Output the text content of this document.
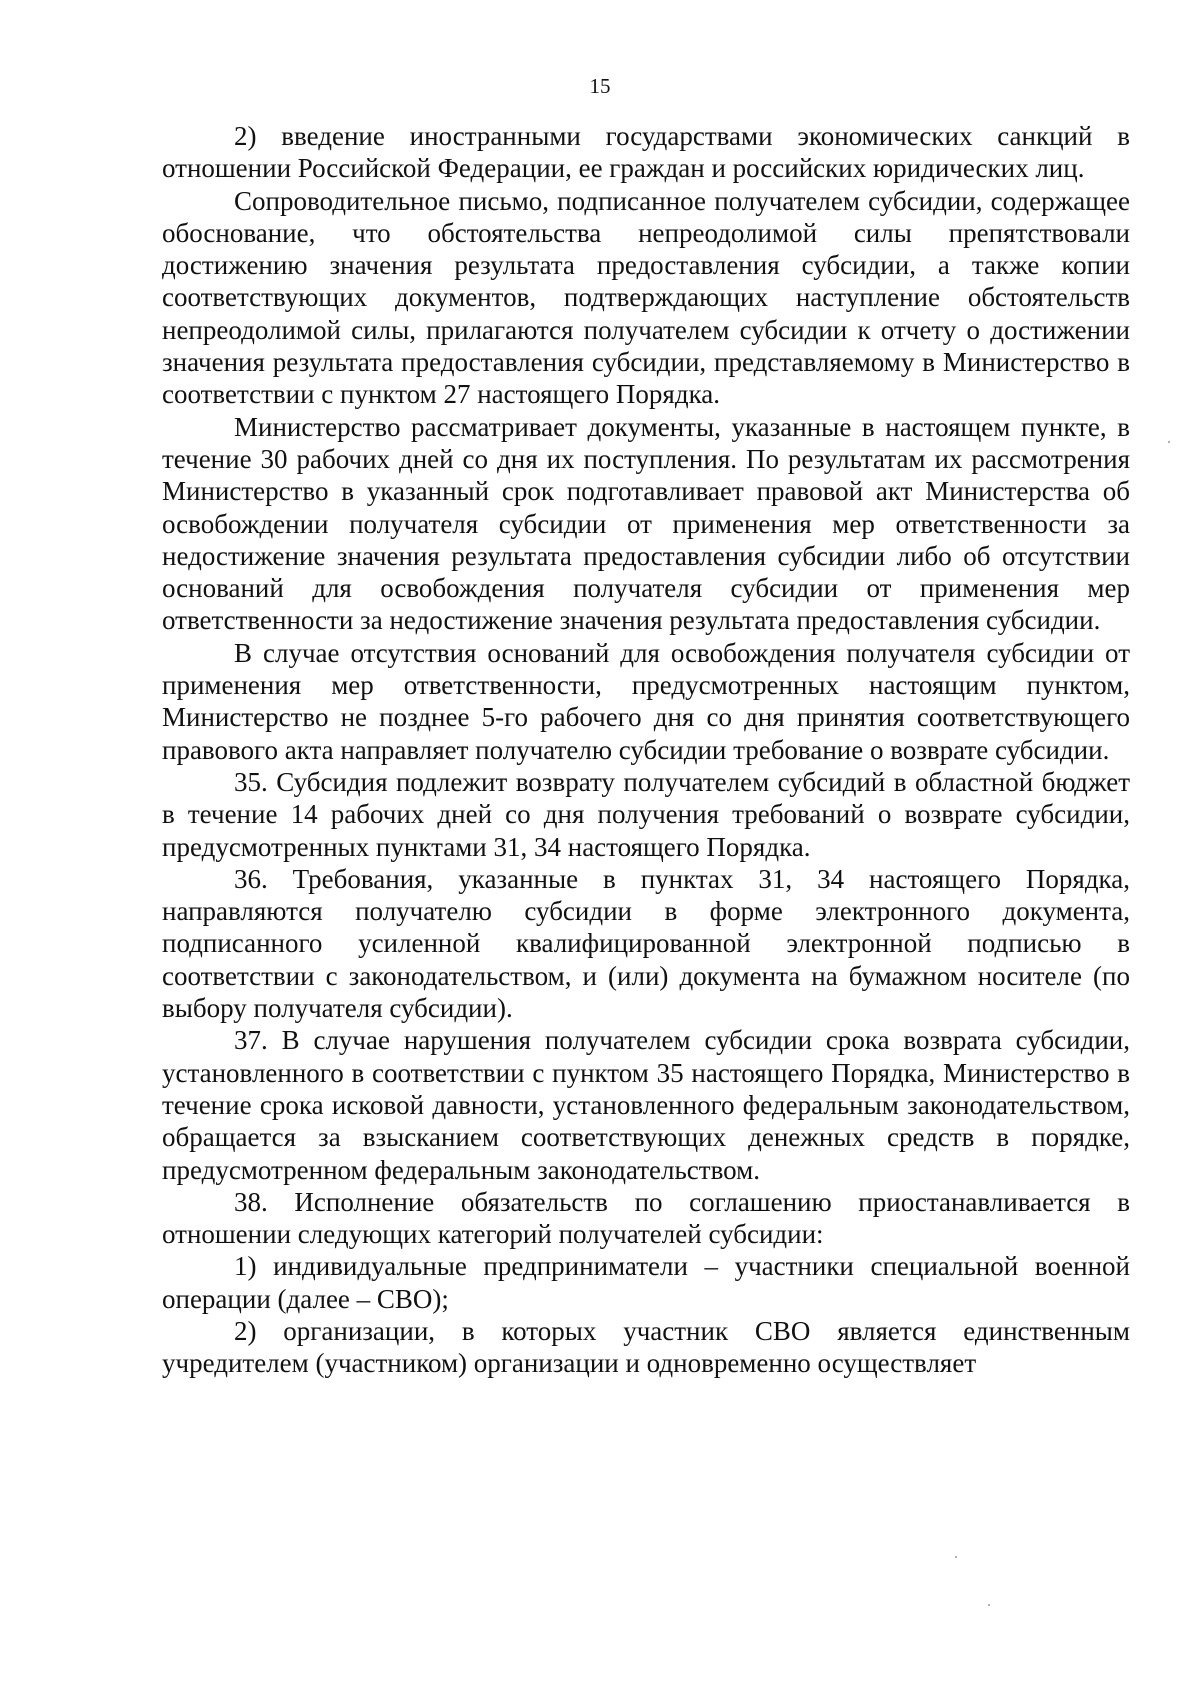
15

2) введение иностранными государствами экономических санкций в отношении Российской Федерации, ее граждан и российских юридических лиц.

Сопроводительное письмо, подписанное получателем субсидии, содержащее обоснование, что обстоятельства непреодолимой силы препятствовали достижению значения результата предоставления субсидии, а также копии соответствующих документов, подтверждающих наступление обстоятельств непреодолимой силы, прилагаются получателем субсидии к отчету о достижении значения результата предоставления субсидии, представляемому в Министерство в соответствии с пунктом 27 настоящего Порядка.

Министерство рассматривает документы, указанные в настоящем пункте, в течение 30 рабочих дней со дня их поступления. По результатам их рассмотрения Министерство в указанный срок подготавливает правовой акт Министерства об освобождении получателя субсидии от применения мер ответственности за недостижение значения результата предоставления субсидии либо об отсутствии оснований для освобождения получателя субсидии от применения мер ответственности за недостижение значения результата предоставления субсидии.

В случае отсутствия оснований для освобождения получателя субсидии от применения мер ответственности, предусмотренных настоящим пунктом, Министерство не позднее 5-го рабочего дня со дня принятия соответствующего правового акта направляет получателю субсидии требование о возврате субсидии.

35. Субсидия подлежит возврату получателем субсидий в областной бюджет в течение 14 рабочих дней со дня получения требований о возврате субсидии, предусмотренных пунктами 31, 34 настоящего Порядка.

36. Требования, указанные в пунктах 31, 34 настоящего Порядка, направляются получателю субсидии в форме электронного документа, подписанного усиленной квалифицированной электронной подписью в соответствии с законодательством, и (или) документа на бумажном носителе (по выбору получателя субсидии).

37. В случае нарушения получателем субсидии срока возврата субсидии, установленного в соответствии с пунктом 35 настоящего Порядка, Министерство в течение срока исковой давности, установленного федеральным законодательством, обращается за взысканием соответствующих денежных средств в порядке, предусмотренном федеральным законодательством.

38. Исполнение обязательств по соглашению приостанавливается в отношении следующих категорий получателей субсидии:

1) индивидуальные предприниматели – участники специальной военной операции (далее – СВО);

2) организации, в которых участник СВО является единственным учредителем (участником) организации и одновременно осуществляет
